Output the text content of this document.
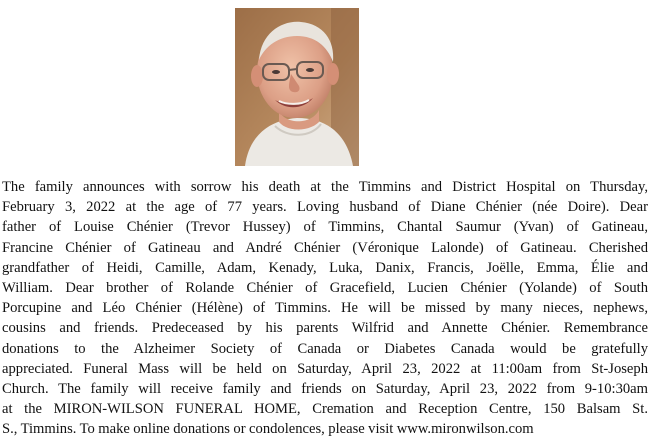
The family announces with sorrow his death at the Timmins and District Hospital on Thursday,
February 3, 2022 at the age of 77 years. Loving husband of Diane Chénier (née Doire). Dear
father of Louise Chénier (Trevor Hussey) of Timmins, Chantal Saumur (Yvan) of Gatineau,
Francine Chénier of Gatineau and André Chénier (Véronique Lalonde) of Gatineau. Cherished
grandfather of Heidi, Camille, Adam, Kenady, Luka, Danix, Francis, Joëlle, Emma, Élie and
William. Dear brother of Rolande Chénier of Gracefield, Lucien Chénier (Yolande) of South
Porcupine and Léo Chénier (Hélène) of Timmins. He will be missed by many nieces, nephews,
cousins and friends. Predeceased by his parents Wilfrid and Annette Chénier. Remembrance
donations to the Alzheimer Society of Canada or Diabetes Canada would be gratefully
appreciated. Funeral Mass will be held on Saturday, April 23, 2022 at 11:00am from St-Joseph
Church. The family will receive family and friends on Saturday, April 23, 2022 from 9-10:30am
at the MIRON-WILSON FUNERAL HOME, Cremation and Reception Centre, 150 Balsam St.
S., Timmins. To make online donations or condolences, please visit www.mironwilson.com
